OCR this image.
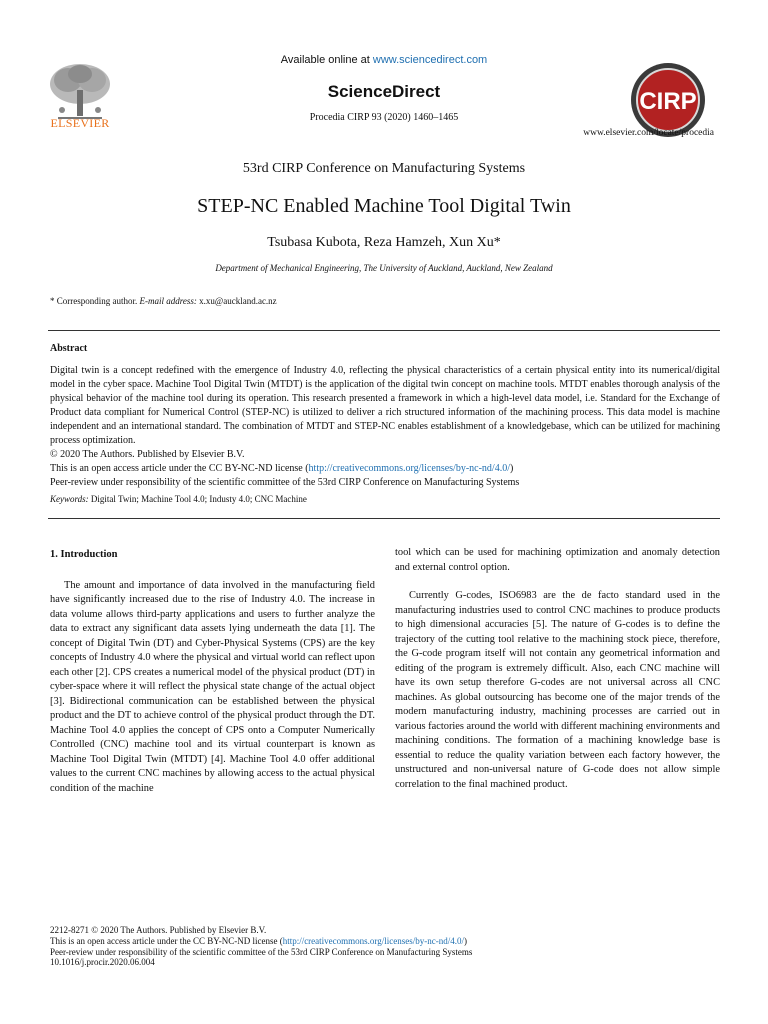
ELSEVIER
Available online at www.sciencedirect.com
ScienceDirect
Procedia CIRP 93 (2020) 1460–1465
CIRP
www.elsevier.com/locate/procedia
53rd CIRP Conference on Manufacturing Systems
STEP-NC Enabled Machine Tool Digital Twin
Tsubasa Kubota, Reza Hamzeh, Xun Xu*
Department of Mechanical Engineering, The University of Auckland, Auckland, New Zealand
* Corresponding author. E-mail address: x.xu@auckland.ac.nz
Abstract
Digital twin is a concept redefined with the emergence of Industry 4.0, reflecting the physical characteristics of a certain physical entity into its numerical/digital model in the cyber space. Machine Tool Digital Twin (MTDT) is the application of the digital twin concept on machine tools. MTDT enables thorough analysis of the physical behavior of the machine tool during its operation. This research presented a framework in which a high-level data model, i.e. Standard for the Exchange of Product data compliant for Numerical Control (STEP-NC) is utilized to deliver a rich structured information of the machining process. This data model is machine independent and an international standard. The combination of MTDT and STEP-NC enables establishment of a knowledgebase, which can be utilized for machining process optimization.
© 2020 The Authors. Published by Elsevier B.V.
This is an open access article under the CC BY-NC-ND license (http://creativecommons.org/licenses/by-nc-nd/4.0/)
Peer-review under responsibility of the scientific committee of the 53rd CIRP Conference on Manufacturing Systems
Keywords: Digital Twin; Machine Tool 4.0; Industy 4.0; CNC Machine
1. Introduction

The amount and importance of data involved in the manufacturing field have significantly increased due to the rise of Industry 4.0. The increase in data volume allows third-party applications and users to further analyze the data to extract any significant data assets lying underneath the data [1]. The concept of Digital Twin (DT) and Cyber-Physical Systems (CPS) are the key concepts of Industry 4.0 where the physical and virtual world can reflect upon each other [2]. CPS creates a numerical model of the physical product (DT) in cyber-space where it will reflect the physical state change of the actual object [3]. Bidirectional communication can be established between the physical product and the DT to achieve control of the physical product through the DT. Machine Tool 4.0 applies the concept of CPS onto a Computer Numerically Controlled (CNC) machine tool and its virtual counterpart is known as Machine Tool Digital Twin (MTDT) [4]. Machine Tool 4.0 offer additional values to the current CNC machines by allowing access to the actual physical condition of the machine

tool which can be used for machining optimization and anomaly detection and external control option.

Currently G-codes, ISO6983 are the de facto standard used in the manufacturing industries used to control CNC machines to produce products to high dimensional accuracies [5]. The nature of G-codes is to define the trajectory of the cutting tool relative to the machining stock piece, therefore, the G-code program itself will not contain any geometrical information and editing of the program is extremely difficult. Also, each CNC machine will have its own setup therefore G-codes are not universal across all CNC machines. As global outsourcing has become one of the major trends of the modern manufacturing industry, machining processes are carried out in various factories around the world with different machining environments and machining conditions. The formation of a machining knowledge base is essential to reduce the quality variation between each factory however, the unstructured and non-universal nature of G-code does not allow simple correlation to the final machined product.

2212-8271 © 2020 The Authors. Published by Elsevier B.V.
This is an open access article under the CC BY-NC-ND license (http://creativecommons.org/licenses/by-nc-nd/4.0/)
Peer-review under responsibility of the scientific committee of the 53rd CIRP Conference on Manufacturing Systems
10.1016/j.procir.2020.06.004
